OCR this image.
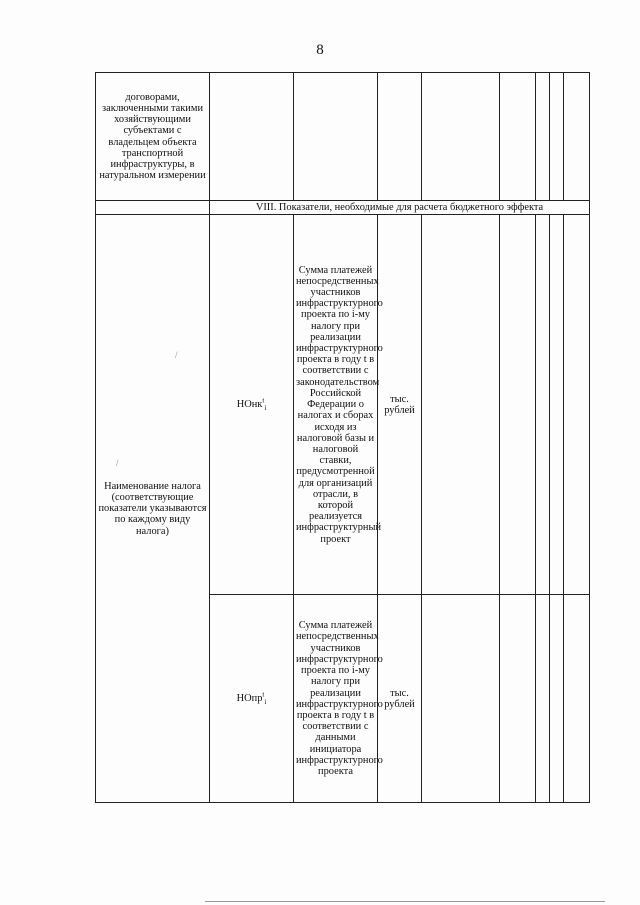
8
договорами, заключенными такими хозяйствующими субъектами с владельцем объекта транспортной инфраструктуры, в натуральном измерении								
	VIII. Показатели, необходимые для расчета бюджетного эффекта							
Наименование налога (соответствующие показатели указываются по каждому виду налога)	НОнк$^t_i$	Сумма платежей непосредственных участников инфраструктурного проекта по i-му налогу при реализации инфраструктурного проекта в году t в соответствии с законодательством Российской Федерации о налогах и сборах исходя из налоговой базы и налоговой ставки, предусмотренной для организаций отрасли, в которой реализуется инфраструктурный проект	тыс. рублей					
	НОпр$^t_i$	Сумма платежей непосредственных участников инфраструктурного проекта по i-му налогу при реализации инфраструктурного проекта в году t в соответствии с данными инициатора инфраструктурного проекта	тыс. рублей					
/
/
